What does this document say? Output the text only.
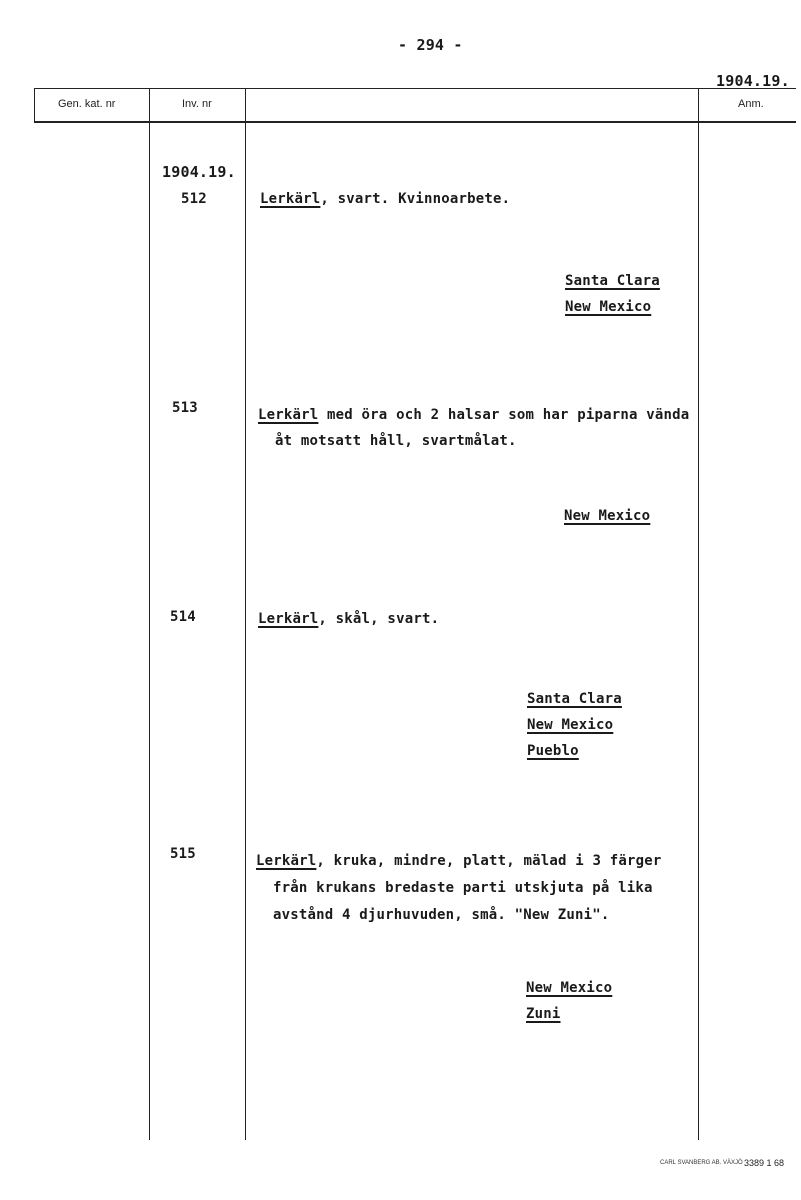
- 294 -
1904.19.
Gen. kat. nr	Inv. nr	Anm.
1904.19.
512	Lerkärl, svart. Kvinnoarbete.
Santa Clara
New Mexico
513	Lerkärl med öra och 2 halsar som har piparna vända
åt motsatt håll, svartmålat.
New Mexico
514	Lerkärl, skål, svart.
Santa Clara
New Mexico
Pueblo
515	Lerkärl, kruka, mindre, platt, mälad i 3 färger
från krukans bredaste parti utskjuta på lika
avstånd 4 djurhuvuden, små. "New Zuni".
New Mexico
Zuni
CARL SVANBERG AB. VÄXJÖ 3389 1 68
